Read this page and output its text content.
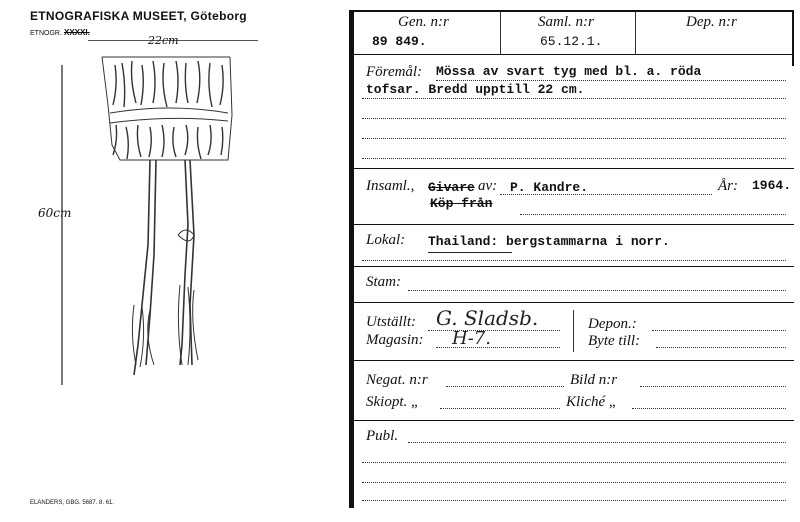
ETNOGRAFISKA MUSEET, Göteborg
ETNOGR. XXXXI.
22cm
60cm
ELANDERS, GBG. 5687. 8. 61.
Gen. n:r
89 849.
Saml. n:r
65.12.1.
Dep. n:r
Föremål: Mössa av svart tyg med bl. a. röda
tofsar. Bredd upptill 22 cm.
Insaml., Givare av: P. Kandre.	År: 1964.
Köp från
Lokal: Thailand: bergstammarna i norr.
Stam:
Utställt: G. Sladsb.
Magasin: H-7.
Depon.:
Byte till:
Negat. n:r	Bild n:r
Skiopt. „	Kliché „
Publ.
